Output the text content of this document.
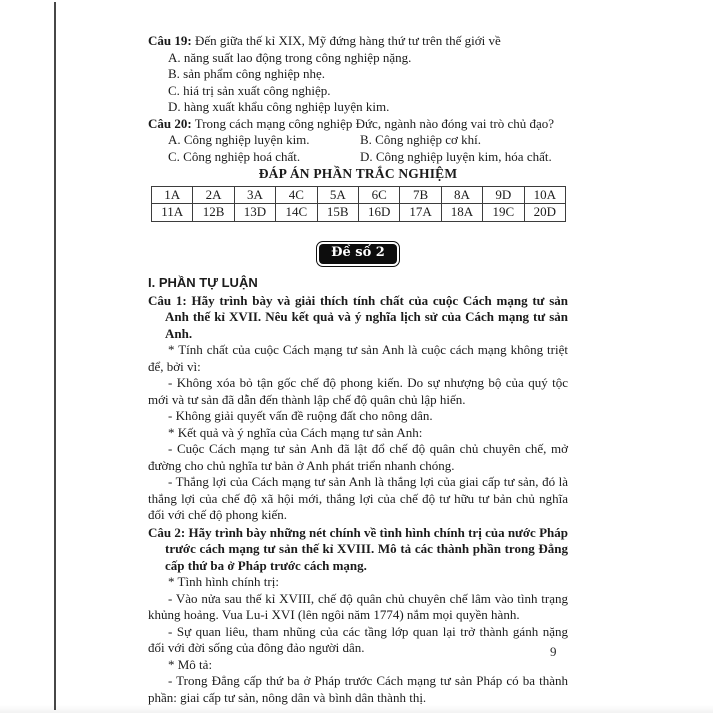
Câu 19: Đến giữa thế kỉ XIX, Mỹ đứng hàng thứ tư trên thế giới về
A. năng suất lao động trong công nghiệp nặng.
B. sản phẩm công nghiệp nhẹ.
C. hiá trị sản xuất công nghiệp.
D. hàng xuất khẩu công nghiệp luyện kim.
Câu 20: Trong cách mạng công nghiệp Đức, ngành nào đóng vai trò chủ đạo?
A. Công nghiệp luyện kim.	B. Công nghiệp cơ khí.
C. Công nghiệp hoá chất.	D. Công nghiệp luyện kim, hóa chất.
ĐÁP ÁN PHẦN TRẮC NGHIỆM
1A	2A	3A	4C	5A	6C	7B	8A	9D	10A
11A	12B	13D	14C	15B	16D	17A	18A	19C	20D
Đề số 2
I. PHẦN TỰ LUẬN
Câu 1: Hãy trình bày và giải thích tính chất của cuộc Cách mạng tư sản Anh thế kỉ XVII. Nêu kết quả và ý nghĩa lịch sử của Cách mạng tư sản Anh.
* Tính chất của cuộc Cách mạng tư sản Anh là cuộc cách mạng không triệt để, bởi vì:
- Không xóa bỏ tận gốc chế độ phong kiến. Do sự nhượng bộ của quý tộc mới và tư sản đã dẫn đến thành lập chế độ quân chủ lập hiến.
- Không giải quyết vấn đề ruộng đất cho nông dân.
* Kết quả và ý nghĩa của Cách mạng tư sản Anh:
- Cuộc Cách mạng tư sản Anh đã lật đổ chế độ quân chủ chuyên chế, mở đường cho chủ nghĩa tư bản ở Anh phát triển nhanh chóng.
- Thắng lợi của Cách mạng tư sản Anh là thắng lợi của giai cấp tư sản, đó là thắng lợi của chế độ xã hội mới, thắng lợi của chế độ tư hữu tư bản chủ nghĩa đối với chế độ phong kiến.
Câu 2: Hãy trình bày những nét chính về tình hình chính trị của nước Pháp trước cách mạng tư sản thế kỉ XVIII. Mô tả các thành phần trong Đẳng cấp thứ ba ở Pháp trước cách mạng.
* Tình hình chính trị:
- Vào nửa sau thế kỉ XVIII, chế độ quân chủ chuyên chế lâm vào tình trạng khủng hoảng. Vua Lu-i XVI (lên ngôi năm 1774) nắm mọi quyền hành.
- Sự quan liêu, tham nhũng của các tầng lớp quan lại trở thành gánh nặng đối với đời sống của đông đảo người dân.
* Mô tả:
- Trong Đẳng cấp thứ ba ở Pháp trước Cách mạng tư sản Pháp có ba thành phần: giai cấp tư sản, nông dân và bình dân thành thị.
9
